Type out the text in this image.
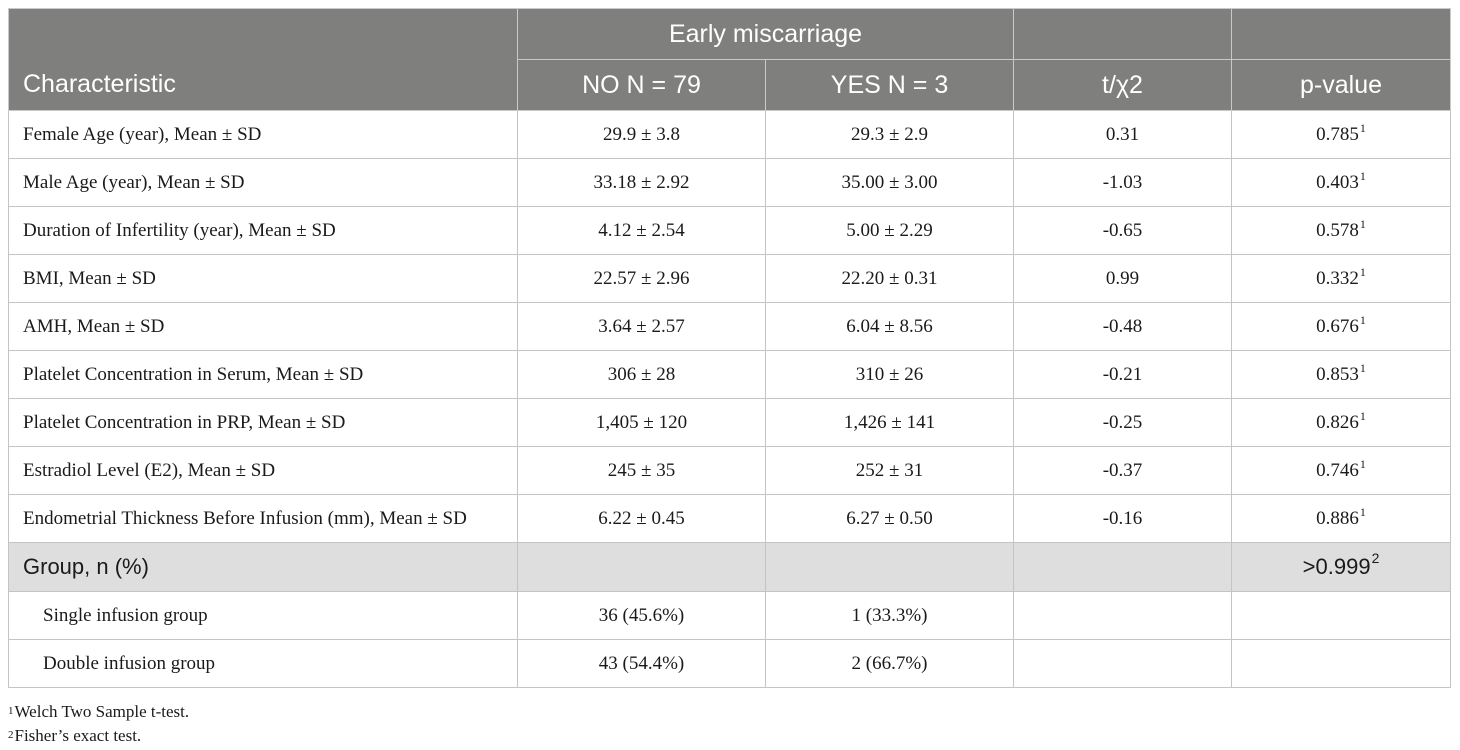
Characteristic	Early miscarriage			
	NO N = 79	YES N = 3	t/χ2	p-value
Female Age (year), Mean ± SD	29.9 ± 3.8	29.3 ± 2.9	0.31	0.785$^1$
Male Age (year), Mean ± SD	33.18 ± 2.92	35.00 ± 3.00	-1.03	0.403$^1$
Duration of Infertility (year), Mean ± SD	4.12 ± 2.54	5.00 ± 2.29	-0.65	0.578$^1$
BMI, Mean ± SD	22.57 ± 2.96	22.20 ± 0.31	0.99	0.332$^1$
AMH, Mean ± SD	3.64 ± 2.57	6.04 ± 8.56	-0.48	0.676$^1$
Platelet Concentration in Serum, Mean ± SD	306 ± 28	310 ± 26	-0.21	0.853$^1$
Platelet Concentration in PRP, Mean ± SD	1,405 ± 120	1,426 ± 141	-0.25	0.826$^1$
Estradiol Level (E2), Mean ± SD	245 ± 35	252 ± 31	-0.37	0.746$^1$
Endometrial Thickness Before Infusion (mm), Mean ± SD	6.22 ± 0.45	6.27 ± 0.50	-0.16	0.886$^1$
Group, n (%)				$>0.999^2$
Single infusion group	36 (45.6%)	1 (33.3%)		
Double infusion group	43 (54.4%)	2 (66.7%)		
$^1$Welch Two Sample t-test.
$^2$Fisher’s exact test.
